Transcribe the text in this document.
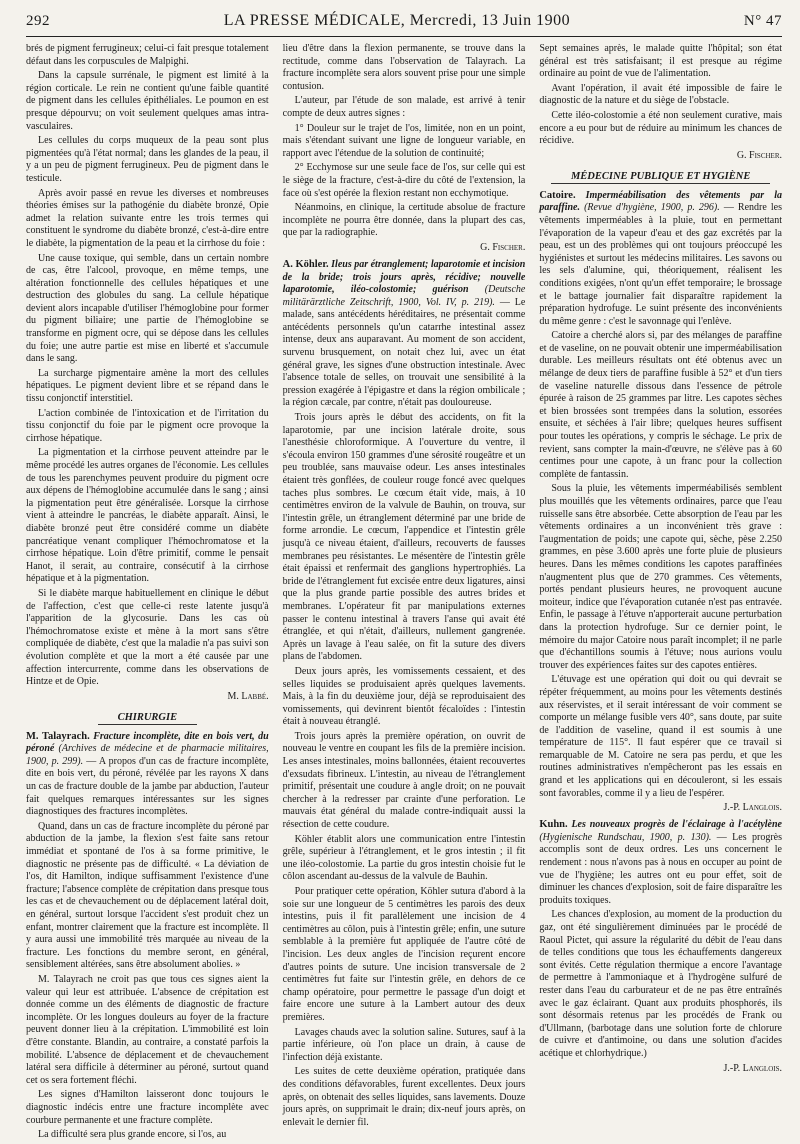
292	LA PRESSE MÉDICALE, Mercredi, 13 Juin 1900	N° 47

brés de pigment ferrugineux; celui-ci fait presque totalement défaut dans les corpuscules de Malpighi.

Dans la capsule surrénale, le pigment est limité à la région corticale. Le rein ne contient qu'une faible quantité de pigment dans les cellules épithéliales. Le poumon en est presque dépourvu; on voit seulement quelques amas intra-vasculaires.

Les cellules du corps muqueux de la peau sont plus pigmentées qu'à l'état normal; dans les glandes de la peau, il y a un peu de pigment ferrugineux. Peu de pigment dans le testicule.

Après avoir passé en revue les diverses et nombreuses théories émises sur la pathogénie du diabète bronzé, Opie admet la relation suivante entre les trois termes qui constituent le syndrome du diabète bronzé, c'est-à-dire entre le diabète, la pigmentation de la peau et la cirrhose du foie :

Une cause toxique, qui semble, dans un certain nombre de cas, être l'alcool, provoque, en même temps, une altération fonctionnelle des cellules hépatiques et une destruction des globules du sang. La cellule hépatique devient alors incapable d'utiliser l'hémoglobine pour former du pigment biliaire; une partie de l'hémoglobine se transforme en pigment ocre, qui se dépose dans les cellules du foie; une autre partie est mise en liberté et s'accumule dans le sang.

La surcharge pigmentaire amène la mort des cellules hépatiques. Le pigment devient libre et se répand dans le tissu conjonctif interstitiel.

L'action combinée de l'intoxication et de l'irritation du tissu conjonctif du foie par le pigment ocre provoque la cirrhose hépatique.

La pigmentation et la cirrhose peuvent atteindre par le même procédé les autres organes de l'économie. Les cellules de tous les parenchymes peuvent produire du pigment ocre aux dépens de l'hémoglobine accumulée dans le sang ; ainsi la pigmentation peut être généralisée. Lorsque la cirrhose vient à atteindre le pancréas, le diabète apparaît. Ainsi, le diabète bronzé peut être considéré comme un diabète pancréatique venant compliquer l'hémochromatose et la cirrhose hépatique. Loin d'être primitif, comme le pensait Hanot, il serait, au contraire, consécutif à la cirrhose hépatique et à la pigmentation.

Si le diabète marque habituellement en clinique le début de l'affection, c'est que celle-ci reste latente jusqu'à l'apparition de la glycosurie. Dans les cas où l'hémochromatose existe et mène à la mort sans s'être compliquée de diabète, c'est que la maladie n'a pas suivi son évolution complète et que la mort a été causée par une affection intercurrente, comme dans les observations de Hintze et de Opie.

M. Labbé.
CHIRURGIE
M. Talayrach. Fracture incomplète, dite en bois vert, du péroné (Archives de médecine et de pharmacie militaires, 1900, p. 299). — A propos d'un cas de fracture incomplète, dite en bois vert, du péroné, révélée par les rayons X dans un cas de fracture double de la jambe par abduction, l'auteur fait quelques remarques intéressantes sur les signes diagnostiques des fractures incomplètes.

Quand, dans un cas de fracture incomplète du péroné par abduction de la jambe, la flexion s'est faite sans retour immédiat et spontané de l'os à sa forme primitive, le diagnostic ne présente pas de difficulté. « La déviation de l'os, dit Hamilton, indique suffisamment l'existence d'une fracture; l'absence complète de crépitation dans presque tous les cas et de chevauchement ou de déplacement latéral doit, en général, surtout lorsque l'accident s'est produit chez un enfant, montrer clairement que la fracture est incomplète. Il y aura aussi une immobilité très marquée au niveau de la fracture. Les fonctions du membre seront, en général, sensiblement altérées, sans être absolument abolies. »

M. Talayrach ne croit pas que tous ces signes aient la valeur qui leur est attribuée. L'absence de crépitation est donnée comme un des éléments de diagnostic de fracture incomplète. Or les longues douleurs au foyer de la fracture peuvent donner lieu à la crépitation. L'immobilité est loin d'être constante. Blandin, au contraire, a constaté parfois la mobilité. L'absence de déplacement et de chevauchement latéral sera difficile à déterminer au péroné, surtout quand cet os sera fortement fléchi.

Les signes d'Hamilton laisseront donc toujours le diagnostic indécis entre une fracture incomplète avec courbure permanente et une fracture complète.

La difficulté sera plus grande encore, si l'os, au

lieu d'être dans la flexion permanente, se trouve dans la rectitude, comme dans l'observation de Talayrach. La fracture incomplète sera alors souvent prise pour une simple contusion.

L'auteur, par l'étude de son malade, est arrivé à tenir compte de deux autres signes :

1° Douleur sur le trajet de l'os, limitée, non en un point, mais s'étendant suivant une ligne de longueur variable, en rapport avec l'étendue de la solution de continuité;

2° Ecchymose sur une seule face de l'os, sur celle qui est le siège de la fracture, c'est-à-dire du côté de l'extension, la face où s'est opérée la flexion restant non ecchymotique.

Néanmoins, en clinique, la certitude absolue de fracture incomplète ne pourra être donnée, dans la plupart des cas, que par la radiographie.

G. Fischer.
A. Köhler. Ileus par étranglement; laparotomie et incision de la bride; trois jours après, récidive; nouvelle laparotomie, iléo-colostomie; guérison (Deutsche militärärztliche Zeitschrift, 1900, Vol. IV, p. 219). — Le malade, sans antécédents héréditaires, ne présentait comme antécédents personnels qu'un catarrhe intestinal assez intense, deux ans auparavant. Au moment de son accident, survenu brusquement, on notait chez lui, avec un état général grave, les signes d'une obstruction intestinale. Avec l'absence totale de selles, on trouvait une sensibilité à la pression exagérée à l'épigastre et dans la région ombilicale ; la région cæcale, par contre, n'était pas douloureuse.

Trois jours après le début des accidents, on fit la laparotomie, par une incision latérale droite, sous l'anesthésie chloroformique. A l'ouverture du ventre, il s'écoula environ 150 grammes d'une sérosité rougeâtre et un peu troublée, sans mauvaise odeur. Les anses intestinales étaient très gonflées, de couleur rouge foncé avec quelques taches plus sombres. Le cœcum était vide, mais, à 10 centimètres environ de la valvule de Bauhin, on trouva, sur l'intestin grêle, un étranglement déterminé par une bride de forme arrondie. Le cœcum, l'appendice et l'intestin grêle jusqu'à ce niveau étaient, d'ailleurs, recouverts de fausses membranes peu résistantes. Le mésentère de l'intestin grêle était épaissi et renfermait des ganglions hypertrophiés. La bride de l'étranglement fut excisée entre deux ligatures, ainsi que la plus grande partie possible des autres brides et membranes. L'opérateur fit par manipulations externes passer le contenu intestinal à travers l'anse qui avait été étranglée, et qui n'était, d'ailleurs, nullement gangrenée. Après un lavage à l'eau salée, on fit la suture des divers plans de l'abdomen.

Deux jours après, les vomissements cessaient, et des selles liquides se produisaient après quelques lavements. Mais, à la fin du deuxième jour, déjà se reproduisaient des vomissements, qui devinrent bientôt fécaloïdes : l'intestin était à nouveau étranglé.

Trois jours après la première opération, on ouvrit de nouveau le ventre en coupant les fils de la première incision. Les anses intestinales, moins ballonnées, étaient recouvertes d'exsudats fibrineux. L'intestin, au niveau de l'étranglement primitif, présentait une coudure à angle droit; on ne pouvait chercher à la redresser par crainte d'une perforation. Le mauvais état général du malade contre-indiquait aussi la résection de cette coudure.

Köhler établit alors une communication entre l'intestin grêle, supérieur à l'étranglement, et le gros intestin ; il fit une iléo-colostomie. La partie du gros intestin choisie fut le côlon ascendant au-dessus de la valvule de Bauhin.

Pour pratiquer cette opération, Köhler sutura d'abord à la soie sur une longueur de 5 centimètres les parois des deux intestins, puis il fit parallèlement une incision de 4 centimètres au côlon, puis à l'intestin grêle; enfin, une suture semblable à la première fut appliquée de l'autre côté de l'incision. Les deux angles de l'incision reçurent encore d'autres points de suture. Une incision transversale de 2 centimètres fut faite sur l'intestin grêle, en dehors de ce champ opératoire, pour permettre le passage d'un doigt et faire encore une suture à la Lambert autour des deux premières.

Lavages chauds avec la solution saline. Sutures, sauf à la partie inférieure, où l'on place un drain, à cause de l'infection déjà existante.

Les suites de cette deuxième opération, pratiquée dans des conditions défavorables, furent excellentes. Deux jours après, on obtenait des selles liquides, sans lavements. Douze jours après, on supprimait le drain; dix-neuf jours après, on enlevait le dernier fil.

Sept semaines après, le malade quitte l'hôpital; son état général est très satisfaisant; il est presque au régime ordinaire au point de vue de l'alimentation.

Avant l'opération, il avait été impossible de faire le diagnostic de la nature et du siège de l'obstacle.

Cette iléo-colostomie a été non seulement curative, mais encore a eu pour but de réduire au minimum les chances de récidive.

G. Fischer.
MÉDECINE PUBLIQUE ET HYGIÈNE
Catoire. Imperméabilisation des vêtements par la paraffine. (Revue d'hygiène, 1900, p. 296). — Rendre les vêtements imperméables à la pluie, tout en permettant l'évaporation de la vapeur d'eau et des gaz excrétés par la peau, est un des problèmes qui ont toujours préoccupé les hygiénistes et surtout les médecins militaires. Les savons ou les sels d'alumine, qui, théoriquement, réalisent les conditions exigées, n'ont qu'un effet temporaire; le brossage et le battage journalier fait disparaître rapidement la préparation hydrofuge. Le suint présente des inconvénients du même genre : c'est le savonnage qui l'enlève.

Catoire a cherché alors si, par des mélanges de paraffine et de vaseline, on ne pouvait obtenir une imperméabilisation durable. Les meilleurs résultats ont été obtenus avec un mélange de deux tiers de paraffine fusible à 52° et d'un tiers de vaseline naturelle dissous dans l'essence de pétrole épurée à raison de 25 grammes par litre. Les capotes sèches et bien brossées sont trempées dans la solution, essorées ensuite, et séchées à l'air libre; quelques heures suffisent pour toutes les opérations, y compris le séchage. Le prix de revient, sans compter la main-d'œuvre, ne s'élève pas à 60 centimes pour une capote, à un franc pour la collection complète de fantassin.

Sous la pluie, les vêtements imperméabilisés semblent plus mouillés que les vêtements ordinaires, parce que l'eau ruisselle sans être absorbée. Cette absorption de l'eau par les vêtements ordinaires a un inconvénient très grave : l'augmentation de poids; une capote qui, sèche, pèse 2.250 grammes, en pèse 3.600 après une forte pluie de plusieurs heures. Dans les mêmes conditions les capotes paraffinées n'augmentent plus que de 270 grammes. Ces vêtements, portés pendant plusieurs heures, ne provoquent aucune moiteur, indice que l'évaporation cutanée n'est pas entravée. Enfin, le passage à l'étuve n'apporterait aucune perturbation dans la protection hydrofuge. Sur ce dernier point, le mémoire du major Catoire nous paraît incomplet; il ne parle que d'échantillons soumis à l'étuve; nous aurions voulu trouver des expériences faites sur des capotes entières.

L'étuvage est une opération qui doit ou qui devrait se répéter fréquemment, au moins pour les vêtements destinés aux réservistes, et il serait intéressant de voir comment se comporte un mélange fusible vers 40°, sans doute, par suite de l'addition de vaseline, quand il est soumis à une température de 115°. Il faut espérer que ce travail si remarquable de M. Catoire ne sera pas perdu, et que les routines administratives n'empêcheront pas les essais en grand et les applications qui en découleront, si les essais sont favorables, comme il y a lieu de l'espérer.

J.-P. Langlois.
Kuhn. Les nouveaux progrès de l'éclairage à l'acétylène (Hygienische Rundschau, 1900, p. 130). — Les progrès accomplis sont de deux ordres. Les uns concernent le rendement : nous n'avons pas à nous en occuper au point de vue de l'hygiène; les autres ont eu pour effet, soit de diminuer les chances d'explosion, soit de faire disparaître les produits toxiques.

Les chances d'explosion, au moment de la production du gaz, ont été singulièrement diminuées par le procédé de Raoul Pictet, qui assure la régularité du débit de l'eau dans de telles conditions que tous les échauffements dangereux sont évités. Cette régulation thermique a encore l'avantage de permettre à l'ammoniaque et à l'hydrogène sulfuré de rester dans l'eau du carburateur et de ne pas être entraînés avec le gaz éclairant. Quant aux produits phosphorés, ils sont désormais retenus par les procédés de Frank ou d'Ullmann, (barbotage dans une solution forte de chlorure de cuivre et d'antimoine, ou dans une solution d'acides acétique et chlorhydrique.)

J.-P. Langlois.
